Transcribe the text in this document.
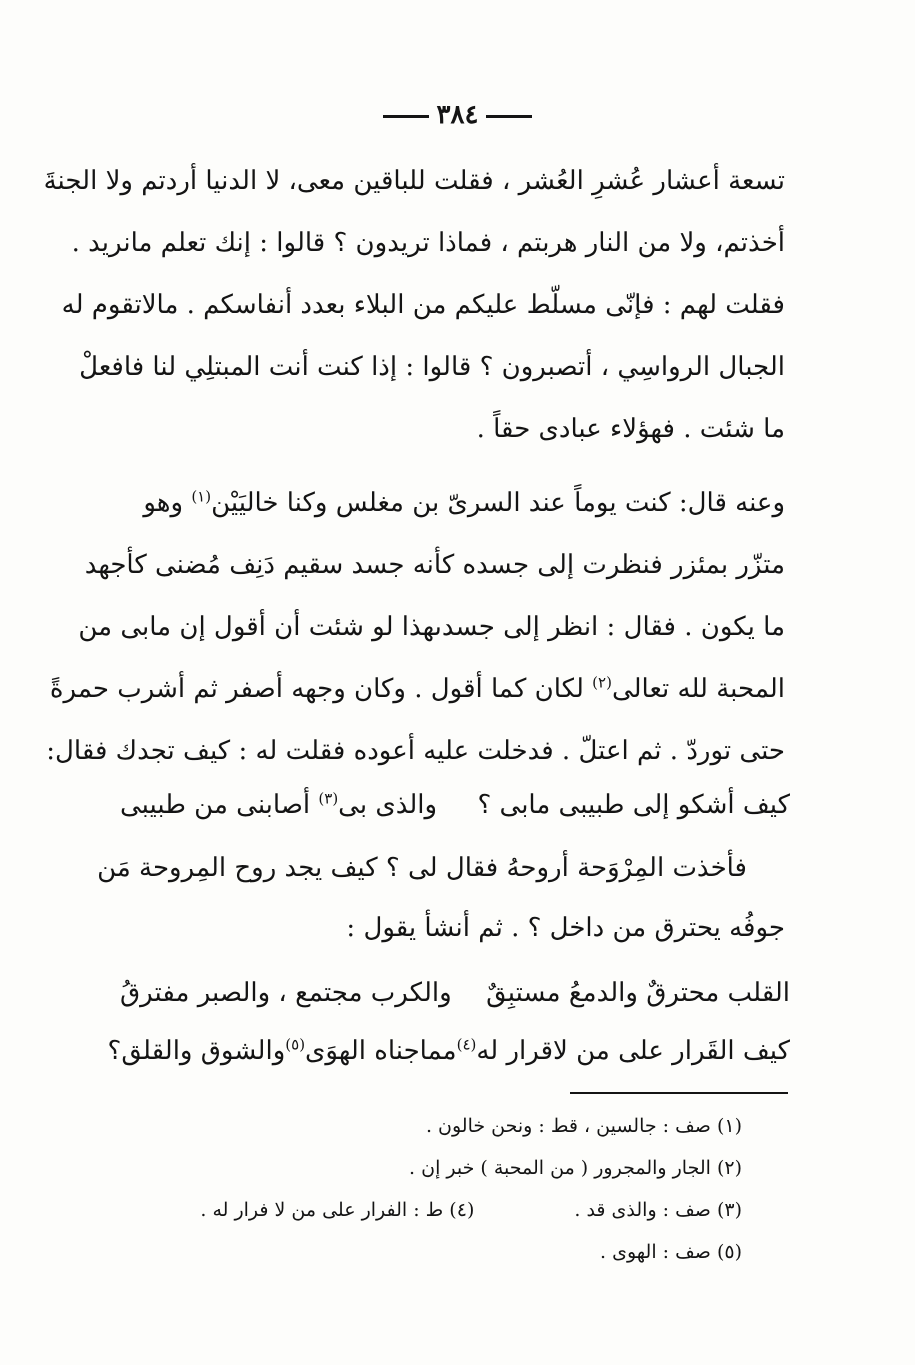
٣٨٤
تسعة أعشار عُشرِ العُشر ، فقلت للباقين معى، لا الدنيا أردتم ولا الجنةَ
أخذتم، ولا من النار هربتم ، فماذا تريدون ؟ قالوا : إنك تعلم مانريد .
فقلت لهم : فإنّى مسلّط عليكم من البلاء بعدد أنفاسكم . مالاتقوم له
الجبال الرواسِي ، أتصبرون ؟ قالوا : إذا كنت أنت المبتلِي لنا فافعلْ
ما شئت . فهؤلاء عبادى حقاً .
وعنه قال: كنت يوماً عند السرىّ بن مغلس وكنا خاليَيْن$^{(١)}$ وهو
متزّر بمئزر فنظرت إلى جسده كأنه جسد سقيم دَنِف مُضنى كأجهد
ما يكون . فقال : انظر إلى جسدىهذا لو شئت أن أقول إن مابى من
المحبة لله تعالى$^{(٢)}$ لكان كما أقول . وكان وجهه أصفر ثم أشرب حمرةً
حتى توردّ . ثم اعتلّ . فدخلت عليه أعوده فقلت له : كيف تجدك فقال:
كيف أشكو إلى طبيبى مابى ؟
والذى بى$^{(٣)}$ أصابنى من طبيبى
فأخذت المِرْوَحة أروحهُ فقال لى ؟ كيف يجد روح المِروحة مَن
جوفُه يحترق من داخل ؟ . ثم أنشأ يقول :
القلب محترقٌ والدمعُ مستبِقٌ
والكرب مجتمع ، والصبر مفترقُ
كيف القَرار على من لاقرار له$^{(٤)}$
مماجناه الهوَى$^{(٥)}$والشوق والقلق؟
(١) صف : جالسين ، قط : ونحن خالون .
(٢) الجار والمجرور ( من المحبة ) خبر إن .
(٣) صف : والذى قد .
(٤) ط : الفرار على من لا فرار له .
(٥) صف : الهوى .
